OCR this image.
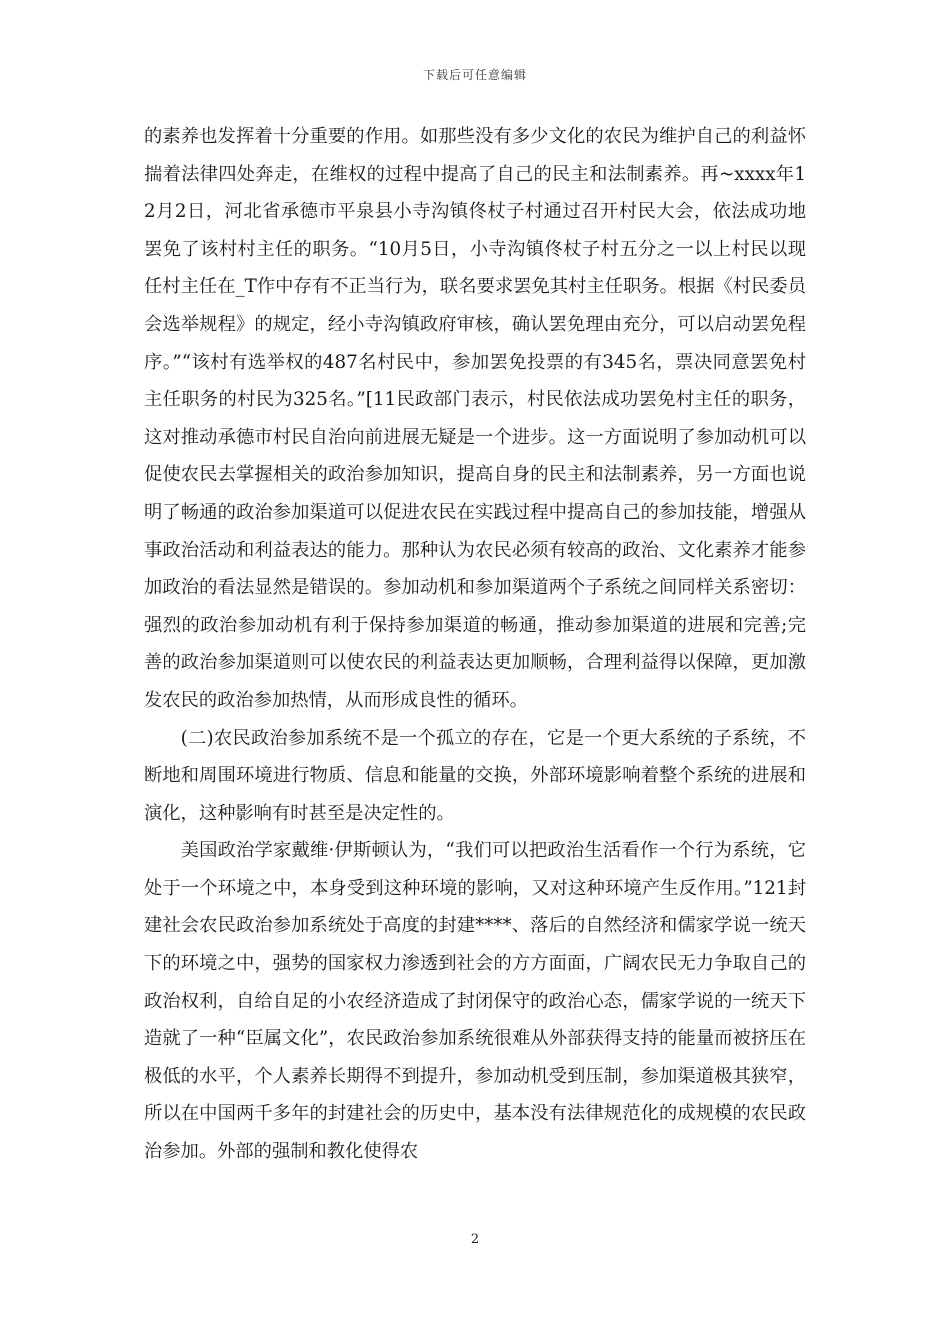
下载后可任意编辑

的素养也发挥着十分重要的作用。如那些没有多少文化的农民为维护自己的利益怀揣着法律四处奔走，在维权的过程中提高了自己的民主和法制素养。再~xxxx年12月2日，河北省承德市平泉县小寺沟镇佟杖子村通过召开村民大会，依法成功地罢免了该村村主任的职务。“10月5日，小寺沟镇佟杖子村五分之一以上村民以现任村主任在_T作中存有不正当行为，联名要求罢免其村主任职务。根据《村民委员会选举规程》的规定，经小寺沟镇政府审核，确认罢免理由充分，可以启动罢免程序。”“该村有选举权的487名村民中，参加罢免投票的有345名，票决同意罢免村主任职务的村民为325名。”[11民政部门表示，村民依法成功罢免村主任的职务，这对推动承德市村民自治向前进展无疑是一个进步。这一方面说明了参加动机可以促使农民去掌握相关的政治参加知识，提高自身的民主和法制素养，另一方面也说明了畅通的政治参加渠道可以促进农民在实践过程中提高自己的参加技能，增强从事政治活动和利益表达的能力。那种认为农民必须有较高的政治、文化素养才能参加政治的看法显然是错误的。参加动机和参加渠道两个子系统之间同样关系密切：强烈的政治参加动机有利于保持参加渠道的畅通，推动参加渠道的进展和完善;完善的政治参加渠道则可以使农民的利益表达更加顺畅，合理利益得以保障，更加激发农民的政治参加热情，从而形成良性的循环。

(二)农民政治参加系统不是一个孤立的存在，它是一个更大系统的子系统，不断地和周围环境进行物质、信息和能量的交换，外部环境影响着整个系统的进展和演化，这种影响有时甚至是决定性的。

美国政治学家戴维·伊斯顿认为，“我们可以把政治生活看作一个行为系统，它处于一个环境之中，本身受到这种环境的影响，又对这种环境产生反作用。”121封建社会农民政治参加系统处于高度的封建****、落后的自然经济和儒家学说一统天下的环境之中，强势的国家权力渗透到社会的方方面面，广阔农民无力争取自己的政治权利，自给自足的小农经济造成了封闭保守的政治心态，儒家学说的一统天下造就了一种“臣属文化”，农民政治参加系统很难从外部获得支持的能量而被挤压在极低的水平，个人素养长期得不到提升，参加动机受到压制，参加渠道极其狭窄，所以在中国两千多年的封建社会的历史中，基本没有法律规范化的成规模的农民政治参加。外部的强制和教化使得农

2
